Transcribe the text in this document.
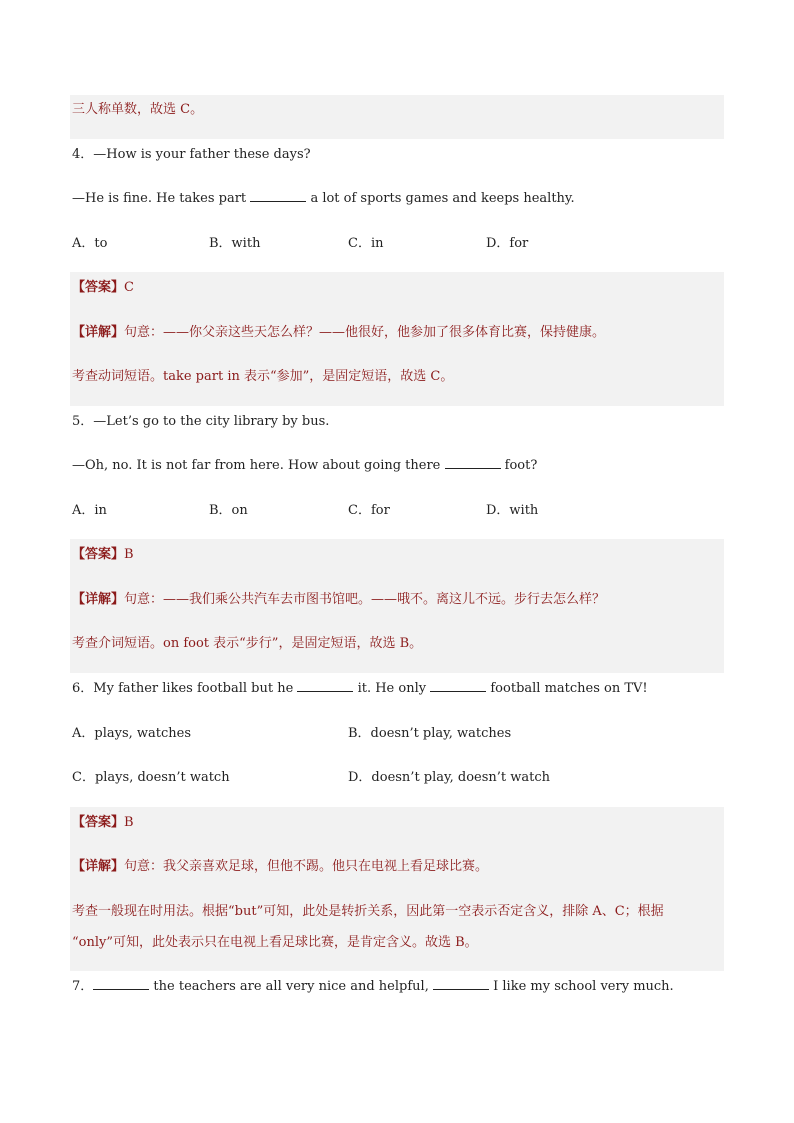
三人称单数，故选 C。
4．—How is your father these days?
—He is fine. He takes part	a lot of sports games and keeps healthy.
A．to	B．with	C．in	D．for
【答案】C
【详解】句意：——你父亲这些天怎么样？——他很好，他参加了很多体育比赛，保持健康。
考查动词短语。take part in 表示“参加”，是固定短语，故选 C。
5．—Let’s go to the city library by bus.
—Oh, no. It is not far from here. How about going there	foot?
A．in	B．on	C．for	D．with
【答案】B
【详解】句意：——我们乘公共汽车去市图书馆吧。——哦不。离这儿不远。步行去怎么样？
考查介词短语。on foot 表示“步行”，是固定短语，故选 B。
6．My father likes football but he	it. He only	football matches on TV!
A．plays, watches	B．doesn’t play, watches
C．plays, doesn’t watch	D．doesn’t play, doesn’t watch
【答案】B
【详解】句意：我父亲喜欢足球，但他不踢。他只在电视上看足球比赛。
考查一般现在时用法。根据“but”可知，此处是转折关系，因此第一空表示否定含义，排除 A、C；根据
“only”可知，此处表示只在电视上看足球比赛，是肯定含义。故选 B。
7．	the teachers are all very nice and helpful,	I like my school very much.
